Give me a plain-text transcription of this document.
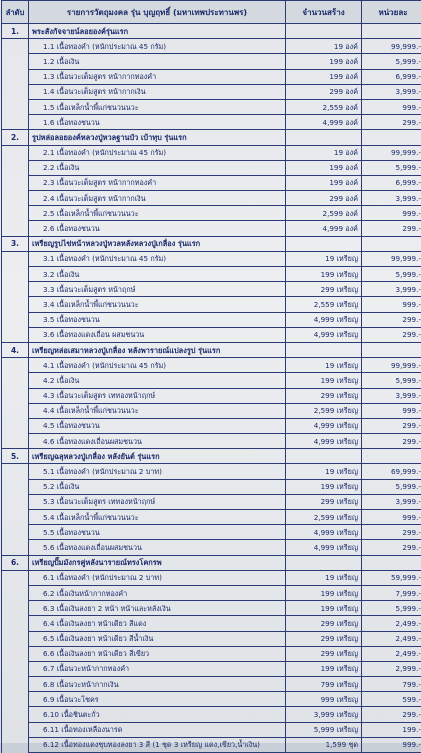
ลำดับ	รายการวัตถุมงคล รุ่น บุญฤทธิ์ (มหาเทพประทานพร)	จำนวนสร้าง	หน่วยละ
1.	พระสังกัจจายน์ลอยองค์รุ่นแรก		
	1.1 เนื้อทองคำ (หนักประมาณ 45 กรัม)	19 องค์	99,999.-
	1.2 เนื้อเงิน	199 องค์	5,999.-
	1.3 เนื้อนวะเต็มสูตร หน้ากากทองคำ	199 องค์	6,999.-
	1.4 เนื้อนวะเต็มสูตร หน้ากากเงิน	299 องค์	3,999.-
	1.5 เนื้อเหล็กน้ำพี้แก่ชนวนนวะ	2,559 องค์	999.-
	1.6 เนื้อทองชนวน	4,999 องค์	299.-
2.	รูปหล่อลอยองค์หลวงปู่หวลฐานบัว เบ้าทุบ รุ่นแรก		
	2.1 เนื้อทองคำ (หนักประมาณ 45 กรัม)	19 องค์	99,999.-
	2.2 เนื้อเงิน	199 องค์	5,999.-
	2.3 เนื้อนวะเต็มสูตร หน้ากากทองคำ	199 องค์	6,999.-
	2.4 เนื้อนวะเต็มสูตร หน้ากากเงิน	299 องค์	3,999.-
	2.5 เนื้อเหล็กน้ำพี้แก่ชนวนนวะ	2,599 องค์	999.-
	2.6 เนื้อทองชนวน	4,999 องค์	299.-
3.	เหรียญรูปไข่หน้าหลวงปู่หวลหลังหลวงปู่เกลื่อง รุ่นแรก		
	3.1 เนื้อทองคำ (หนักประมาณ 45 กรัม)	19 เหรียญ	99,999.-
	3.2 เนื้อเงิน	199 เหรียญ	5,999.-
	3.3 เนื้อนวะเต็มสูตร หน้าฤกษ์	299 เหรียญ	3,999.-
	3.4 เนื้อเหล็กน้ำพี้แก่ชนวนนวะ	2,559 เหรียญ	999.-
	3.5 เนื้อทองชนวน	4,999 เหรียญ	299.-
	3.6 เนื้อทองแดงเถื่อน ผสมชนวน	4,999 เหรียญ	299.-
4.	เหรียญหล่อเสมาหลวงปู่เกลื่อง หลังพารายณ์แปลงรูป รุ่นแรก		
	4.1 เนื้อทองคำ (หนักประมาณ 45 กรัม)	19 เหรียญ	99,999.-
	4.2 เนื้อเงิน	199 เหรียญ	5,999.-
	4.3 เนื้อนวะเต็มสูตร เททองหน้าฤกษ์	299 เหรียญ	3,999.-
	4.4 เนื้อเหล็กน้ำพี้แก่ชนวนนวะ	2,599 เหรียญ	999.-
	4.5 เนื้อทองชนวน	4,999 เหรียญ	299.-
	4.6 เนื้อทองแดงเถื่อนผสมชนวน	4,999 เหรียญ	299.-
5.	เหรียญฉลุหลวงปู่เกลื่อง หลังยันต์ รุ่นแรก		
	5.1 เนื้อทองคำ (หนักประมาณ 2 บาท)	19 เหรียญ	69,999.-
	5.2 เนื้อเงิน	199 เหรียญ	5,999.-
	5.3 เนื้อนวะเต็มสูตร เททองหน้าฤกษ์	299 เหรียญ	3,999.-
	5.4 เนื้อเหล็กน้ำพี้แก่ชนวนนวะ	2,599 เหรียญ	999.-
	5.5 เนื้อทองชนวน	4,999 เหรียญ	299.-
	5.6 เนื้อทองแดงเถื่อนผสมชนวน	4,999 เหรียญ	299.-
6.	เหรียญปั๊มมังกรคู่หลังนารายณ์ทรงโคกรพ		
	6.1 เนื้อทองคำ (หนักประมาณ 2 บาท)	19 เหรียญ	59,999.-
	6.2 เนื้อเงินหน้ากากทองคำ	199 เหรียญ	7,999.-
	6.3 เนื้อเงินลงยา 2 หน้า หน้าและหลังเงิน	199 เหรียญ	5,999.-
	6.4 เนื้อเงินลงยา หน้าเดียว สีแดง	299 เหรียญ	2,499.-
	6.5 เนื้อเงินลงยา หน้าเดียว สีน้ำเงิน	299 เหรียญ	2,499.-
	6.6 เนื้อเงินลงยา หน้าเดียว สีเขียว	299 เหรียญ	2,499.-
	6.7 เนื้อนวะหน้ากากทองคำ	199 เหรียญ	2,999.-
	6.8 เนื้อนวะหน้ากากเงิน	799 เหรียญ	799.-
	6.9 เนื้อนวะโชคร	999 เหรียญ	599.-
	6.10 เนื้อชินตะกั่ว	3,999 เหรียญ	299.-
	6.11 เนื้อทองเหลืองนารด	5,999 เหรียญ	199.-
	6.12 เนื้อทองแดงชุบทองลงยา 3 สี (1 ชุด 3 เหรียญ แดง,เขียว,น้ำเงิน)	1,599 ชุด	999.-
